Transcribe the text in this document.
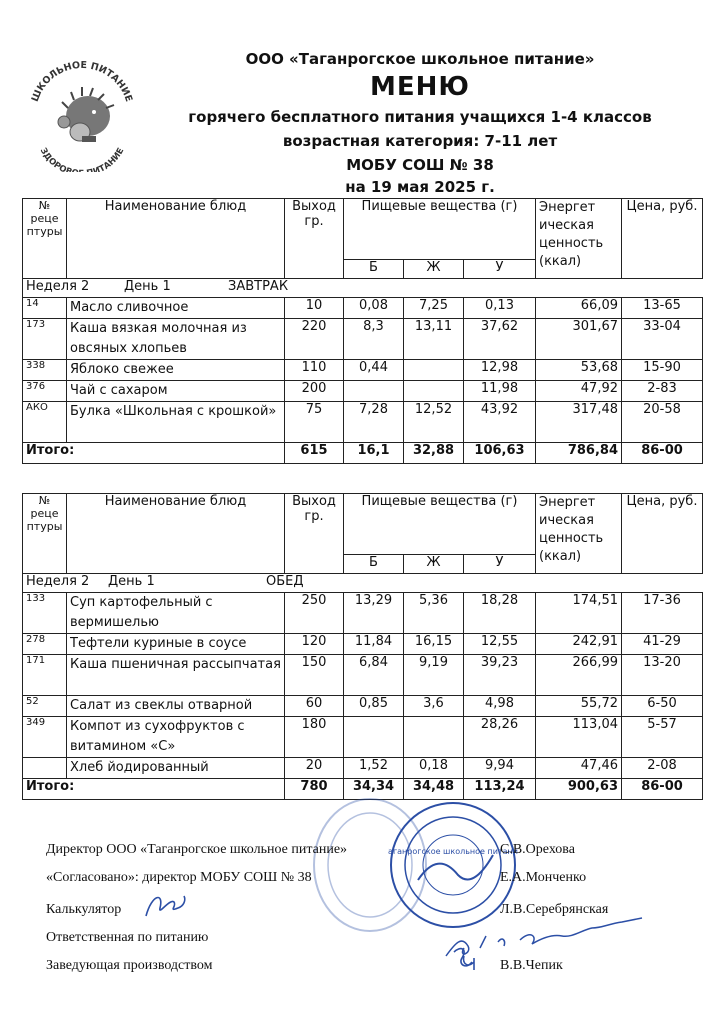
ШКОЛЬНОЕ ПИТАНИЕ
ЗДОРОВ ИТАНИЕ
ООО «Таганрогское школьное питание»
МЕНЮ
горячего бесплатного питания учащихся 1-4 классов
возрастная категория: 7-11 лет
МОБУ СОШ № 38
на 19 мая 2025 г.
№ реце птуры	Наименование блюд	Выход гр.	Пищевые вещества (г)			Энергет ическая ценность (ккал)	Цена, руб.
			Б	Ж	У		
Неделя 2 День 1 ЗАВТРАК							
14	Масло сливочное	10	0,08	7,25	0,13	66,09	13-65
173	Каша вязкая молочная из овсяных хлопьев	220	8,3	13,11	37,62	301,67	33-04
338	Яблоко свежее	110	0,44		12,98	53,68	15-90
376	Чай с сахаром	200			11,98	47,92	2-83
АКО	Булка «Школьная с крошкой»	75	7,28	12,52	43,92	317,48	20-58
Итого:		615	16,1	32,88	106,63	786,84	86-00
№ реце птуры	Наименование блюд	Выход гр.	Пищевые вещества (г)			Энергет ическая ценность (ккал)	Цена, руб.
			Б	Ж	У		
Неделя 2 День 1 ОБЕД							
133	Суп картофельный с вермишелью	250	13,29	5,36	18,28	174,51	17-36
278	Тефтели куриные в соусе	120	11,84	16,15	12,55	242,91	41-29
171	Каша пшеничная рассыпчатая	150	6,84	9,19	39,23	266,99	13-20
52	Салат из свеклы отварной	60	0,85	3,6	4,98	55,72	6-50
349	Компот из сухофруктов с витамином «С»	180			28,26	113,04	5-57
	Хлеб йодированный	20	1,52	0,18	9,94	47,46	2-08
Итого:		780	34,34	34,48	113,24	900,63	86-00
Таганрогское школьное питание
Директор ООО «Таганрогское школьное питание»	С.В.Орехова
«Согласовано»: директор МОБУ СОШ № 38	Е.А.Монченко
Калькулятор	Л.В.Серебрянская
Ответственная по питанию
Заведующая производством	В.В.Чепик
